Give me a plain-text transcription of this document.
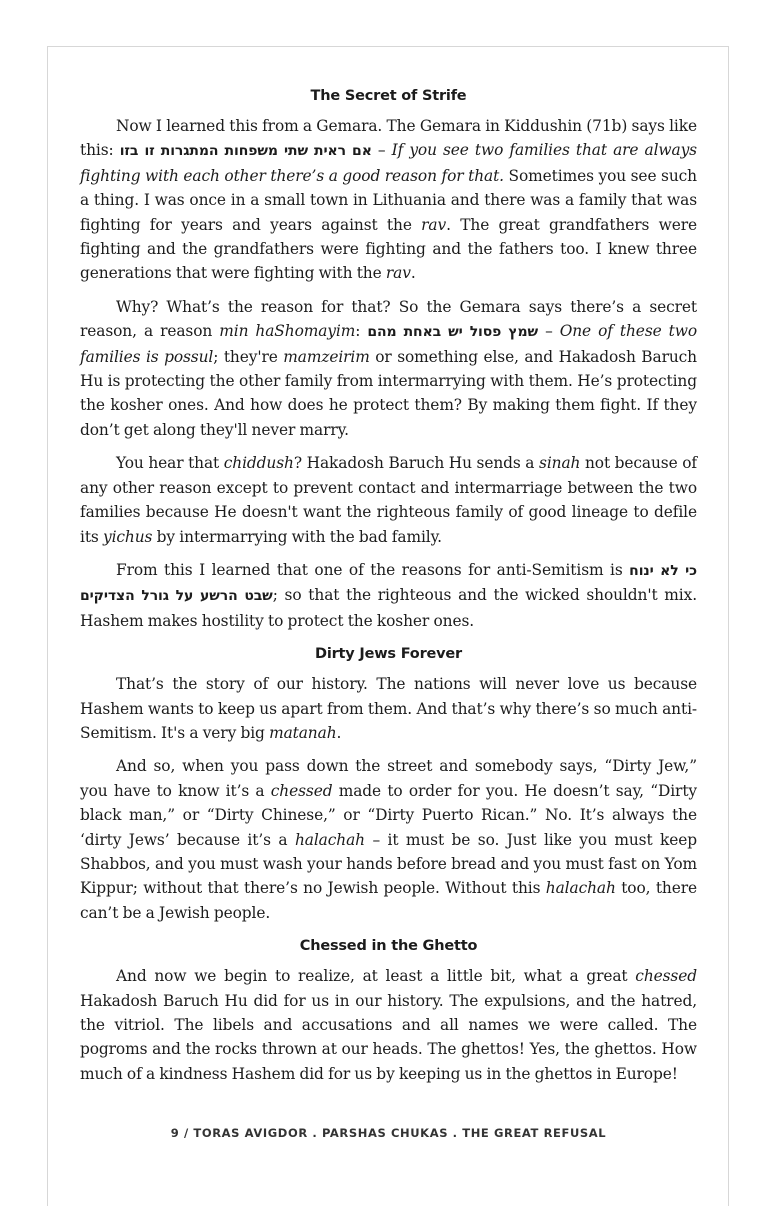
The Secret of Strife

Now I learned this from a Gemara. The Gemara in Kiddushin (71b) says like this: אם ראית שתי משפחות המתגרות זו בזו – If you see two families that are always fighting with each other there’s a good reason for that. Sometimes you see such a thing. I was once in a small town in Lithuania and there was a family that was fighting for years and years against the rav. The great grandfathers were fighting and the grandfathers were fighting and the fathers too. I knew three generations that were fighting with the rav.

Why? What’s the reason for that? So the Gemara says there’s a secret reason, a reason min haShomayim: שמץ פסול יש באחת מהם – One of these two families is possul; they're mamzeirim or something else, and Hakadosh Baruch Hu is protecting the other family from intermarrying with them. He’s protecting the kosher ones. And how does he protect them? By making them fight. If they don’t get along they'll never marry.

You hear that chiddush? Hakadosh Baruch Hu sends a sinah not because of any other reason except to prevent contact and intermarriage between the two families because He doesn't want the righteous family of good lineage to defile its yichus by intermarrying with the bad family.

From this I learned that one of the reasons for anti-Semitism is כי לא ינוח שבט הרשע על גורל הצדיקים; so that the righteous and the wicked shouldn't mix. Hashem makes hostility to protect the kosher ones.

Dirty Jews Forever

That’s the story of our history. The nations will never love us because Hashem wants to keep us apart from them. And that’s why there’s so much anti-Semitism. It's a very big matanah.

And so, when you pass down the street and somebody says, “Dirty Jew,” you have to know it’s a chessed made to order for you. He doesn’t say, “Dirty black man,” or “Dirty Chinese,” or “Dirty Puerto Rican.” No. It’s always the ‘dirty Jews’ because it’s a halachah – it must be so. Just like you must keep Shabbos, and you must wash your hands before bread and you must fast on Yom Kippur; without that there’s no Jewish people. Without this halachah too, there can’t be a Jewish people.

Chessed in the Ghetto

And now we begin to realize, at least a little bit, what a great chessed Hakadosh Baruch Hu did for us in our history. The expulsions, and the hatred, the vitriol. The libels and accusations and all names we were called. The pogroms and the rocks thrown at our heads. The ghettos! Yes, the ghettos. How much of a kindness Hashem did for us by keeping us in the ghettos in Europe!

9 / TORAS AVIGDOR . PARSHAS CHUKAS . THE GREAT REFUSAL
